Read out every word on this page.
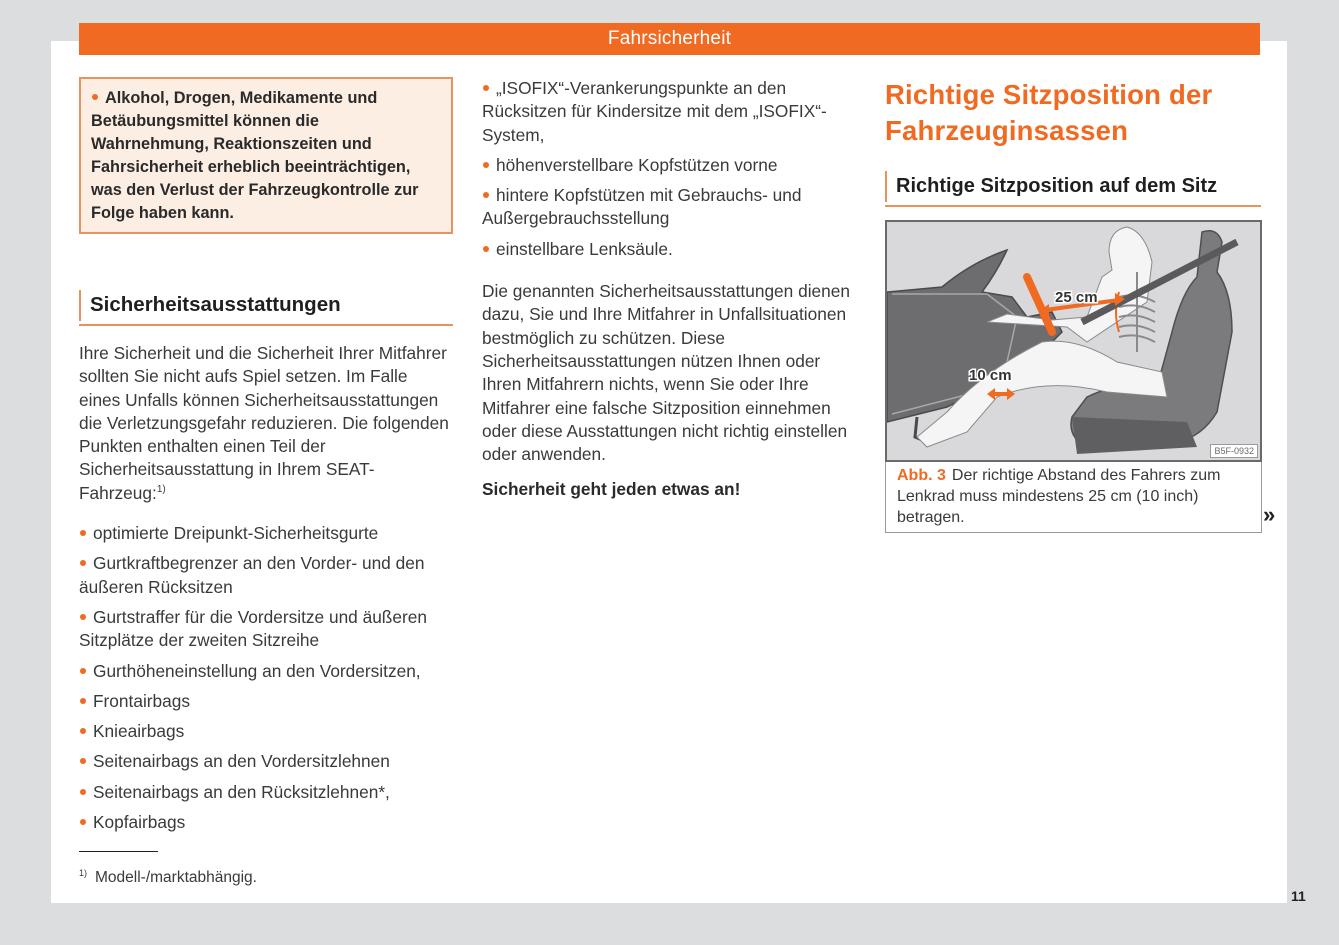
Fahrsicherheit
Alkohol, Drogen, Medikamente und Betäubungsmittel können die Wahrnehmung, Reaktionszeiten und Fahrsicherheit erheblich beeinträchtigen, was den Verlust der Fahrzeugkontrolle zur Folge haben kann.
Sicherheitsausstattungen

Ihre Sicherheit und die Sicherheit Ihrer Mitfahrer sollten Sie nicht aufs Spiel setzen. Im Falle eines Unfalls können Sicherheitsausstattungen die Verletzungsgefahr reduzieren. Die folgenden Punkten enthalten einen Teil der Sicherheitsausstattung in Ihrem SEAT-Fahrzeug:$^{1)}$

optimierte Dreipunkt-Sicherheitsgurte
Gurtkraftbegrenzer an den Vorder- und den äußeren Rücksitzen
Gurtstraffer für die Vordersitze und äußeren Sitzplätze der zweiten Sitzreihe
Gurthöheneinstellung an den Vordersitzen,
Frontairbags
Knieairbags
Seitenairbags an den Vordersitzlehnen
Seitenairbags an den Rücksitzlehnen*,
Kopfairbags
„ISOFIX“-Verankerungspunkte an den Rücksitzen für Kindersitze mit dem „ISOFIX“-System,
höhenverstellbare Kopfstützen vorne
hintere Kopfstützen mit Gebrauchs- und Außergebrauchsstellung
einstellbare Lenksäule.

Die genannten Sicherheitsausstattungen dienen dazu, Sie und Ihre Mitfahrer in Unfallsituationen bestmöglich zu schützen. Diese Sicherheitsausstattungen nützen Ihnen oder Ihren Mitfahrern nichts, wenn Sie oder Ihre Mitfahrer eine falsche Sitzposition einnehmen oder diese Ausstattungen nicht richtig einstellen oder anwenden.

Sicherheit geht jeden etwas an!

Richtige Sitzposition der Fahrzeuginsassen
Richtige Sitzposition auf dem Sitz
25 cm
10 cm
B5F-0932
Abb. 3 Der richtige Abstand des Fahrers zum Lenkrad muss mindestens 25 cm (10 inch) betragen.	»
$^{1)}$ Modell-/marktabhängig.
11
